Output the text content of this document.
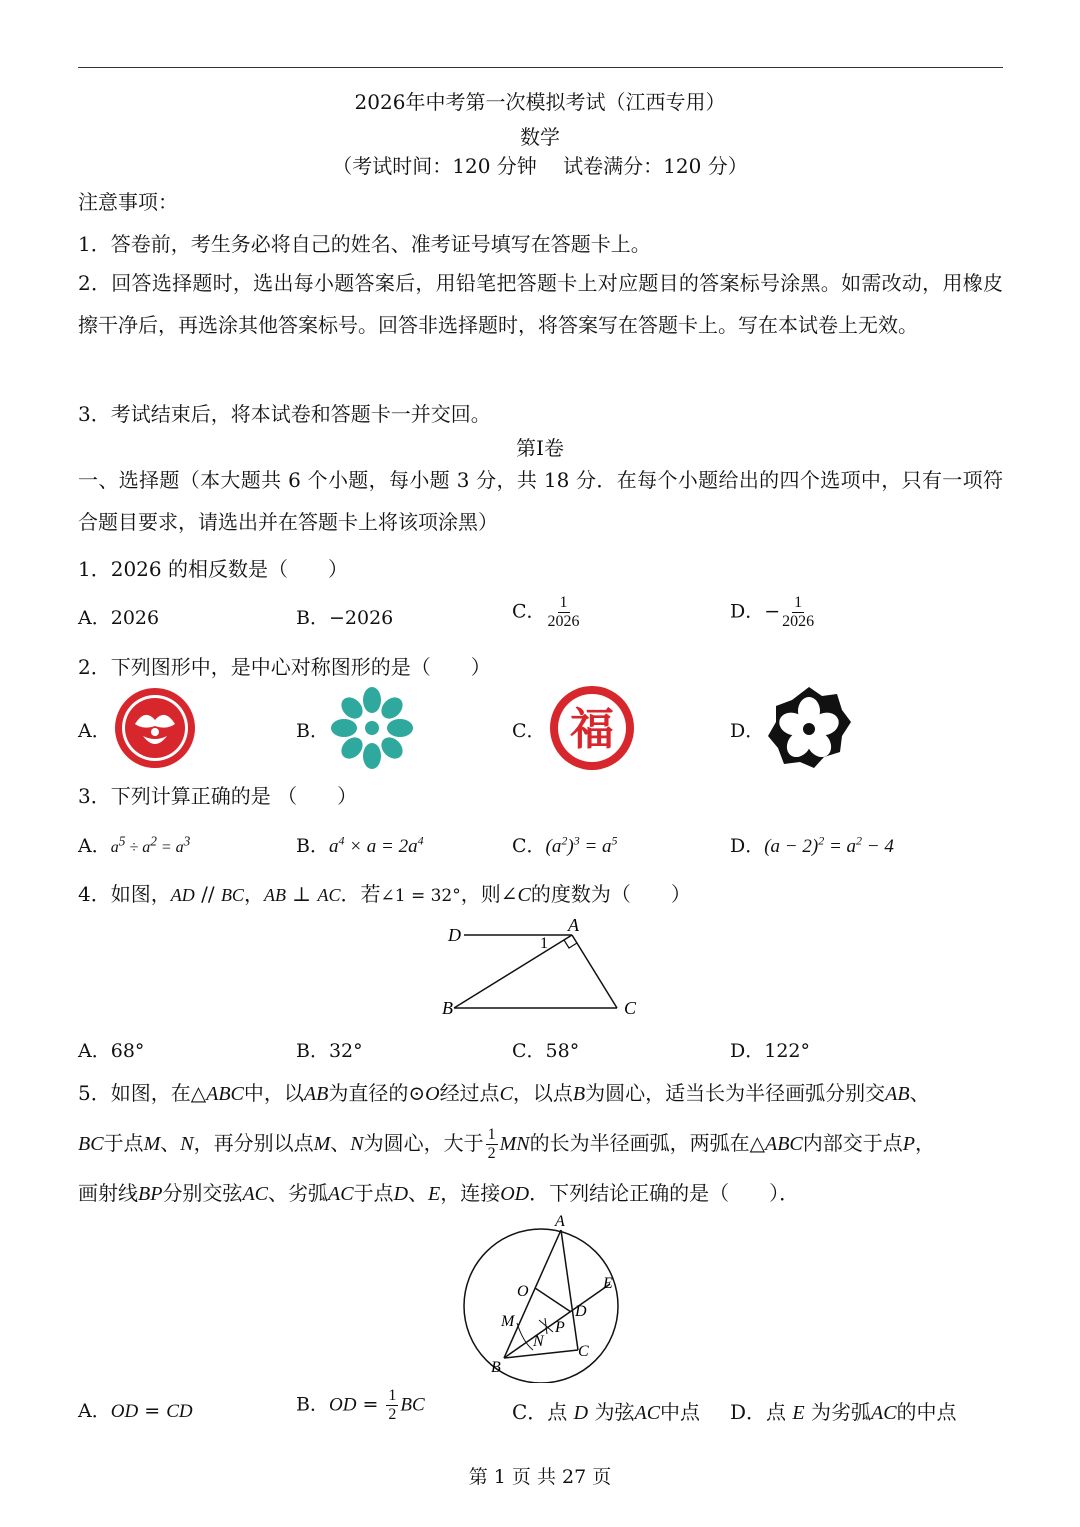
2026年中考第一次模拟考试（江西专用）
数学
（考试时间：120 分钟　 试卷满分：120 分）
注意事项：
1．答卷前，考生务必将自己的姓名、准考证号填写在答题卡上。
2．回答选择题时，选出每小题答案后，用铅笔把答题卡上对应题目的答案标号涂黑。如需改动，用橡皮擦干净后，再选涂其他答案标号。回答非选择题时，将答案写在答题卡上。写在本试卷上无效。
3．考试结束后，将本试卷和答题卡一并交回。
第Ⅰ卷
一、选择题（本大题共 6 个小题，每小题 3 分，共 18 分．在每个小题给出的四个选项中，只有一项符合题目要求，请选出并在答题卡上将该项涂黑）
1．2026 的相反数是（　　）
A．2026	B．−2026	C． $\frac{1}{2026}$	D．− $\frac{1}{2026}$
2．下列图形中，是中心对称图形的是（　　）
A．	B．	C． 福	D．
3．下列计算正确的是 （　　）
A．$a^5 \div a^2 = a^3$	B．$a^4 \times a = 2a^4$	C．$(a^2)^3 = a^5$	D．$(a - 2)^2 = a^2 - 4$
4．如图，AD // BC，AB ⊥ AC．若∠1 = 32°，则∠C的度数为（　　）
D	A
B	C
1
A．68°	B．32°	C．58°	D．122°
5．如图，在△ABC中，以AB为直径的⊙O经过点C，以点B为圆心，适当长为半径画弧分别交AB、
BC于点M、N，再分别以点M、N为圆心，大于 $\frac{1}{2}$ MN的长为半径画弧，两弧在△ABC内部交于点P，
画射线BP分别交弦AC、劣弧AC于点D、E，连接OD．下列结论正确的是（　　）．
A
O	E
D
M	P
N
B
C
A．OD = CD	B．OD = $\frac{1}{2}$ BC	C．点 D 为弦AC中点 D．点 E 为劣弧AC的中点
第 1 页 共 27 页
